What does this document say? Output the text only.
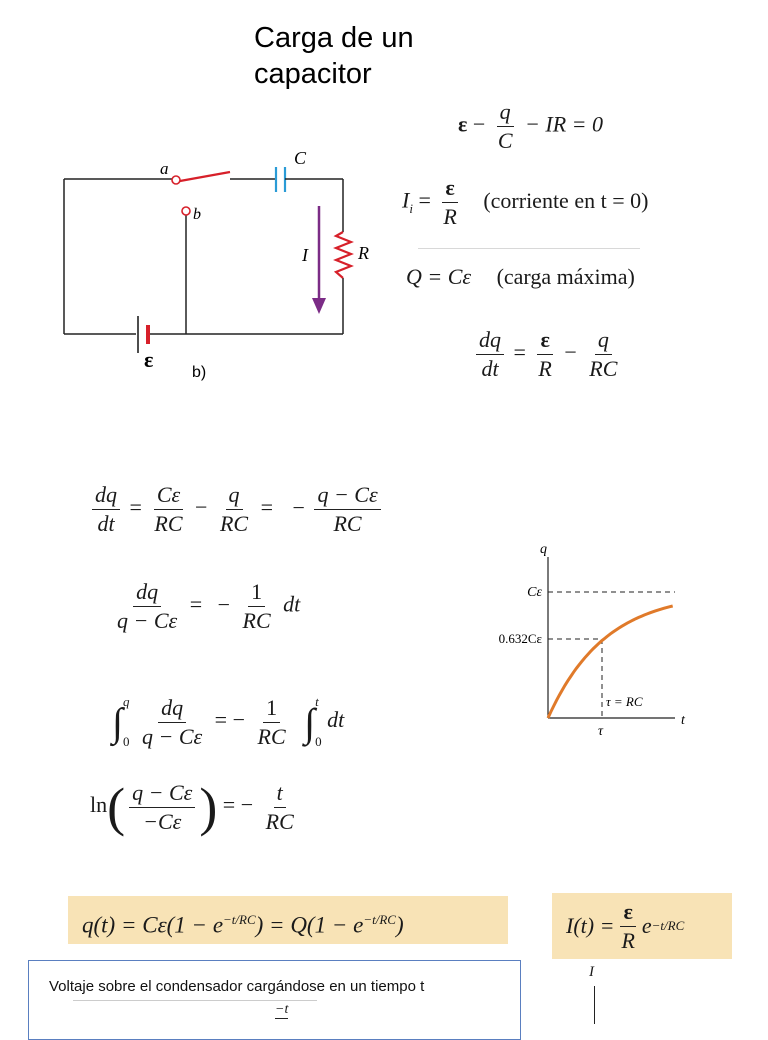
Carga de un
capacitor
a
b
C
I	R
ε
b)
$\varepsilon - \frac{q}{C}$ − IR = 0
$I_i = \frac{\varepsilon}{R}$ (corriente en t = 0)
Q = Cε (carga máxima)
$\frac{dq}{dt} = \frac{\varepsilon}{R} - \frac{q}{RC}$
$\frac{dq}{dt} = \frac{C\varepsilon}{RC} - \frac{q}{RC}$ = − $\frac{q - C\varepsilon}{RC}$
$\frac{dq}{q - C\varepsilon}$ = − $\frac{1}{RC}$ dt
∫ q
0
$\frac{dq}{q - C\varepsilon}$ = − $\frac{1}{RC}$ ∫ t
0
dt
$\ln( \frac{q - C\varepsilon}{-C\varepsilon}$ ) = − $\frac{t}{RC}$
q
t
Cε
0.632Cε
τ = RC
τ
$q(t) = C\varepsilon(1 - e^{-t/RC}) = Q(1 - e^{-t/RC})$	$I(t) = \frac{\varepsilon}{R}$ e −t/RC
Voltaje sobre el condensador cargándose en un tiempo t
−t
I
